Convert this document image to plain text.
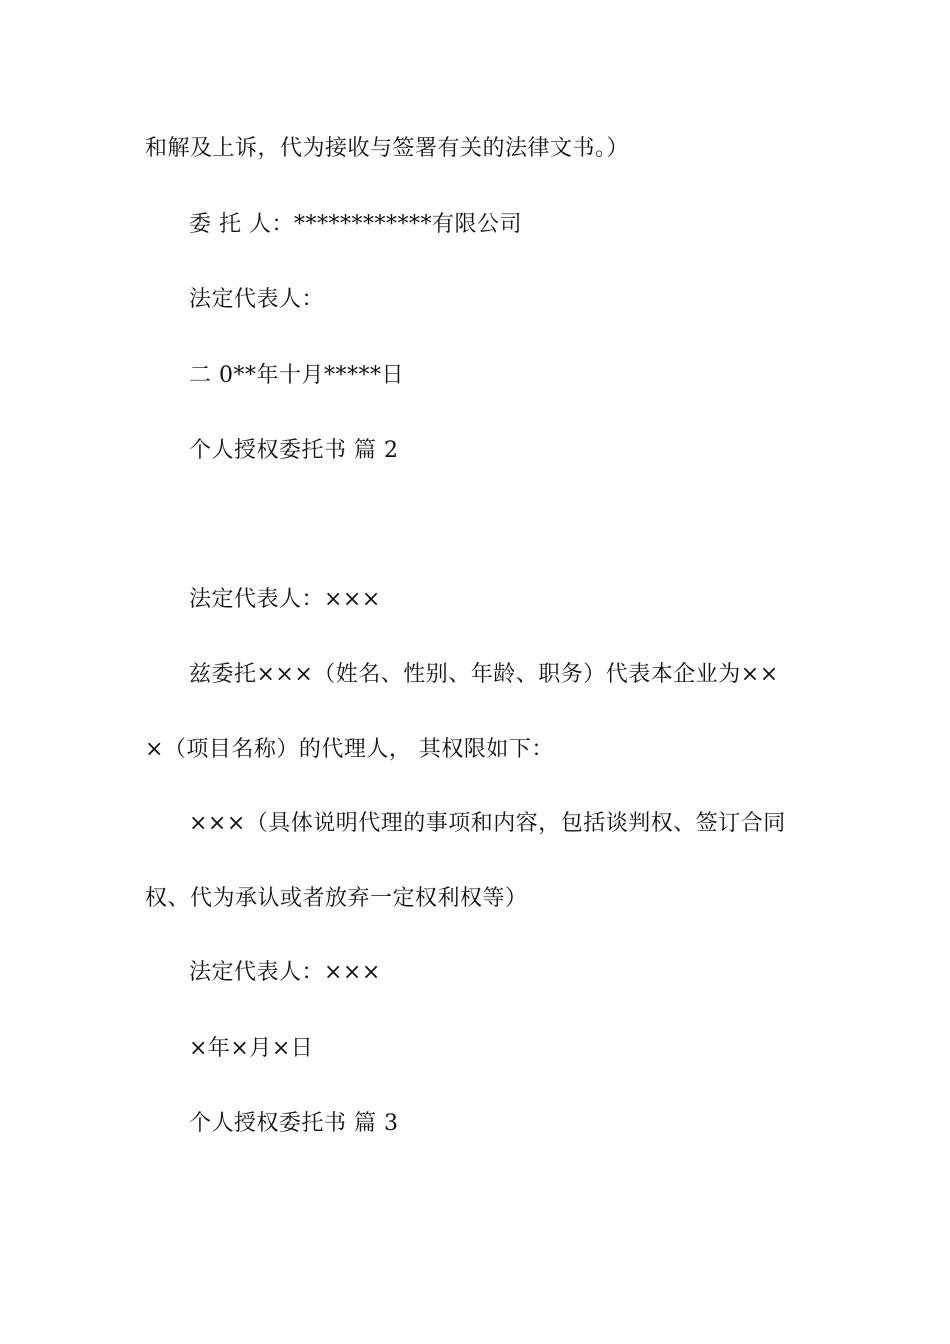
和解及上诉，代为接收与签署有关的法律文书。）
委 托 人：************有限公司
法定代表人：
二 0**年十月*****日
个人授权委托书 篇 2
法定代表人：×××
兹委托×××（姓名、性别、年龄、职务）代表本企业为××
×（项目名称）的代理人， 其权限如下：
×××（具体说明代理的事项和内容，包括谈判权、签订合同
权、代为承认或者放弃一定权利权等）
法定代表人：×××
×年×月×日
个人授权委托书 篇 3
